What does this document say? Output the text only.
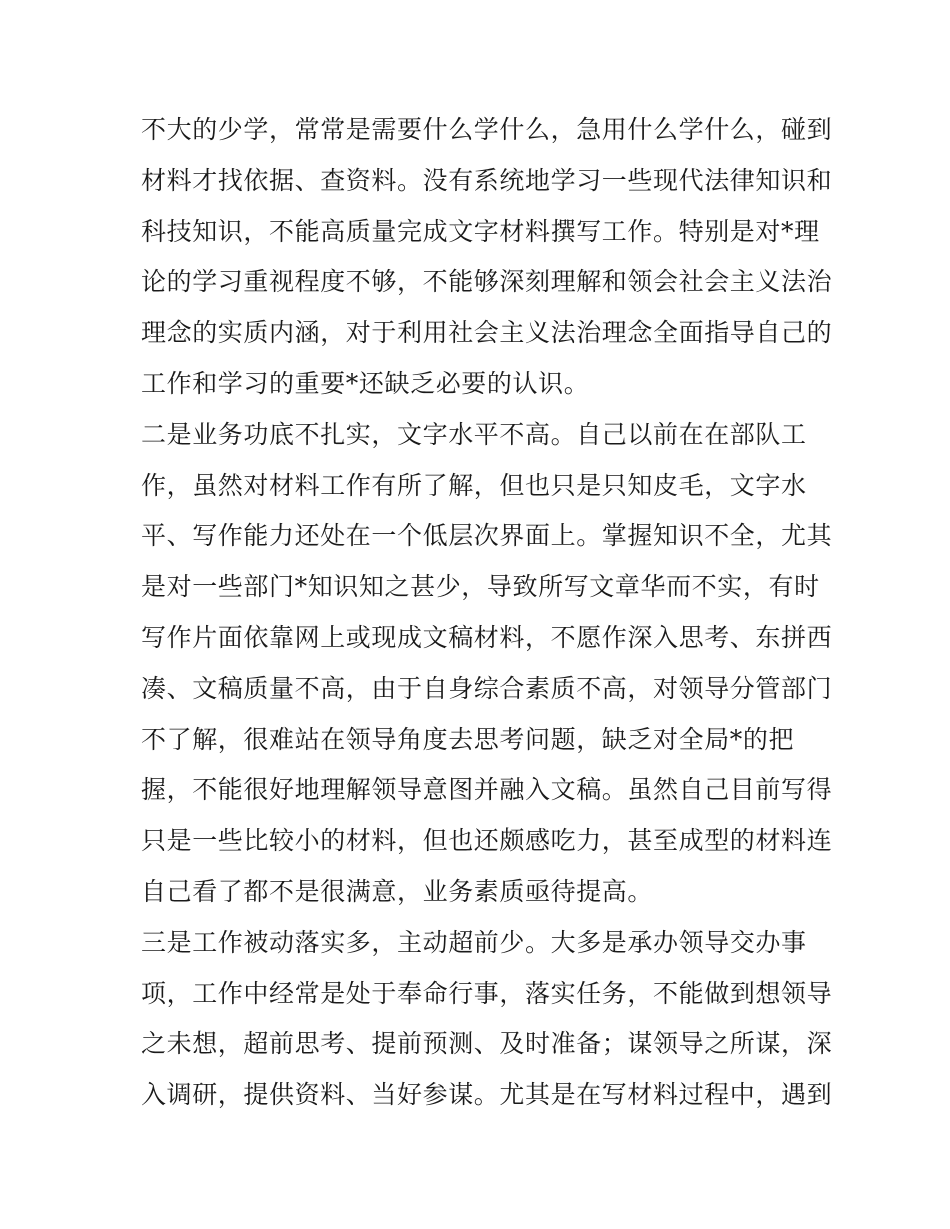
不大的少学，常常是需要什么学什么，急用什么学什么，碰到
材料才找依据、查资料。没有系统地学习一些现代法律知识和
科技知识，不能高质量完成文字材料撰写工作。特别是对*理
论的学习重视程度不够，不能够深刻理解和领会社会主义法治
理念的实质内涵，对于利用社会主义法治理念全面指导自己的
工作和学习的重要*还缺乏必要的认识。
二是业务功底不扎实，文字水平不高。自己以前在在部队工
作，虽然对材料工作有所了解，但也只是只知皮毛，文字水
平、写作能力还处在一个低层次界面上。掌握知识不全，尤其
是对一些部门*知识知之甚少，导致所写文章华而不实，有时
写作片面依靠网上或现成文稿材料，不愿作深入思考、东拼西
凑、文稿质量不高，由于自身综合素质不高，对领导分管部门
不了解，很难站在领导角度去思考问题，缺乏对全局*的把
握，不能很好地理解领导意图并融入文稿。虽然自己目前写得
只是一些比较小的材料，但也还颇感吃力，甚至成型的材料连
自己看了都不是很满意，业务素质亟待提高。
三是工作被动落实多，主动超前少。大多是承办领导交办事
项，工作中经常是处于奉命行事，落实任务，不能做到想领导
之未想，超前思考、提前预测、及时准备；谋领导之所谋，深
入调研，提供资料、当好参谋。尤其是在写材料过程中，遇到
